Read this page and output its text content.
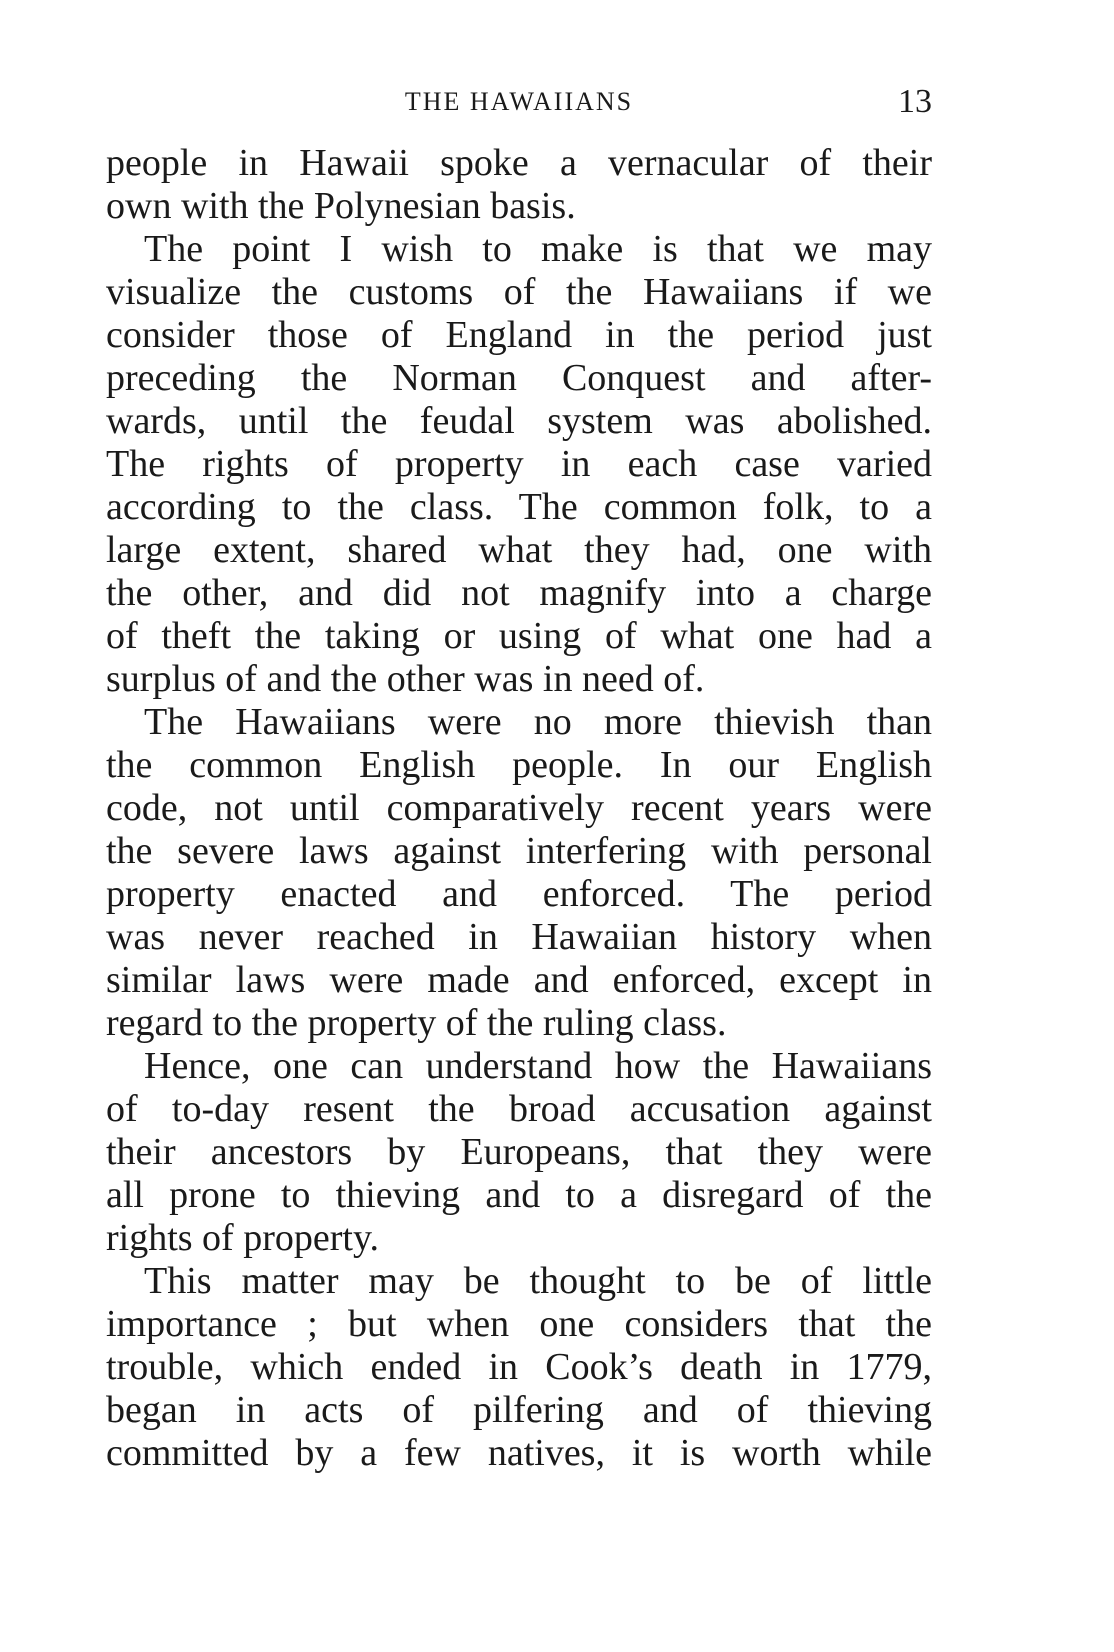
THE HAWAIIANS	13
people in Hawaii spoke a vernacular of their
own with the Polynesian basis.
The point I wish to make is that we may
visualize the customs of the Hawaiians if we
consider those of England in the period just
preceding the Norman Conquest and after-
wards, until the feudal system was abolished.
The rights of property in each case varied
according to the class. The common folk, to a
large extent, shared what they had, one with
the other, and did not magnify into a charge
of theft the taking or using of what one had a
surplus of and the other was in need of.
The Hawaiians were no more thievish than
the common English people. In our English
code, not until comparatively recent years were
the severe laws against interfering with personal
property enacted and enforced. The period
was never reached in Hawaiian history when
similar laws were made and enforced, except in
regard to the property of the ruling class.
Hence, one can understand how the Hawaiians
of to-day resent the broad accusation against
their ancestors by Europeans, that they were
all prone to thieving and to a disregard of the
rights of property.
This matter may be thought to be of little
importance ; but when one considers that the
trouble, which ended in Cook’s death in 1779,
began in acts of pilfering and of thieving
committed by a few natives, it is worth while
